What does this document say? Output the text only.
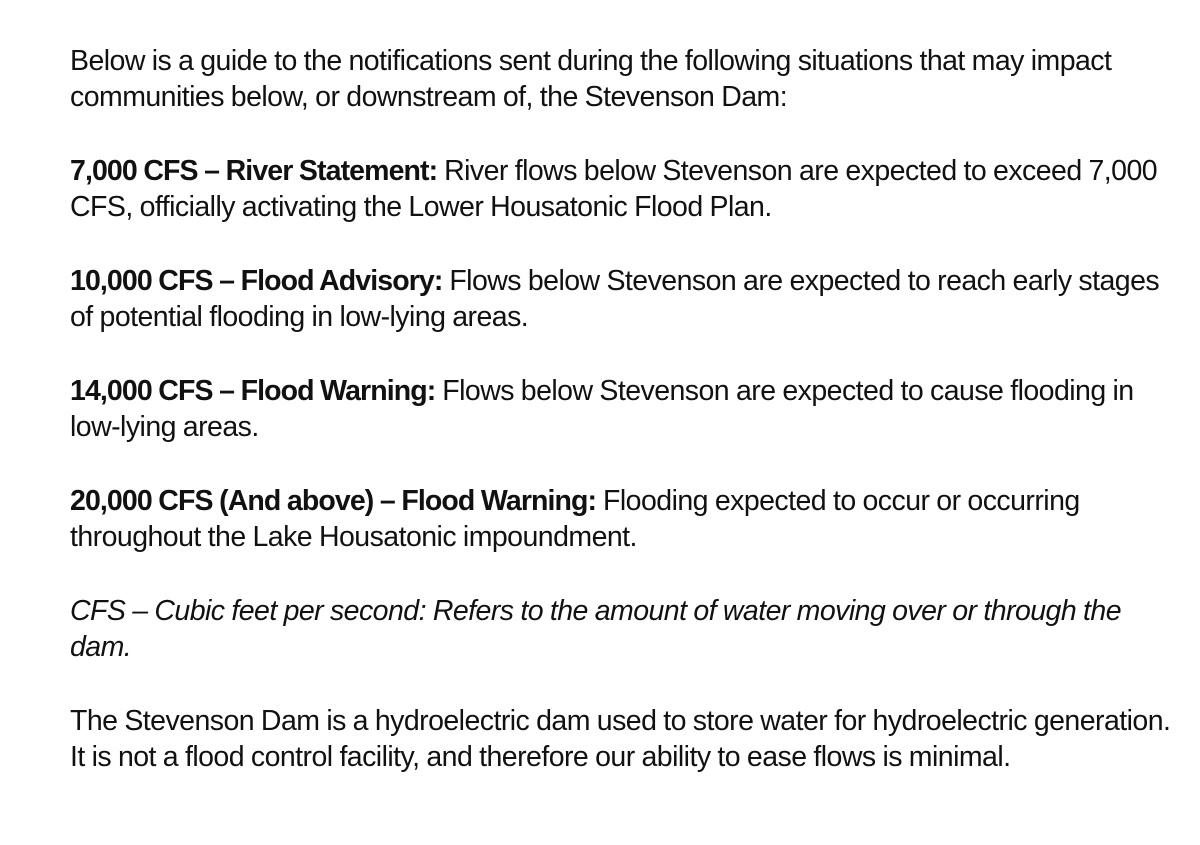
Below is a guide to the notifications sent during the following situations that may impact communities below, or downstream of, the Stevenson Dam:

7,000 CFS – River Statement: River flows below Stevenson are expected to exceed 7,000 CFS, officially activating the Lower Housatonic Flood Plan.

10,000 CFS – Flood Advisory: Flows below Stevenson are expected to reach early stages of potential flooding in low-lying areas.

14,000 CFS – Flood Warning: Flows below Stevenson are expected to cause flooding in low-lying areas.

20,000 CFS (And above) – Flood Warning: Flooding expected to occur or occurring throughout the Lake Housatonic impoundment.

CFS – Cubic feet per second: Refers to the amount of water moving over or through the dam.

The Stevenson Dam is a hydroelectric dam used to store water for hydroelectric generation. It is not a flood control facility, and therefore our ability to ease flows is minimal.
